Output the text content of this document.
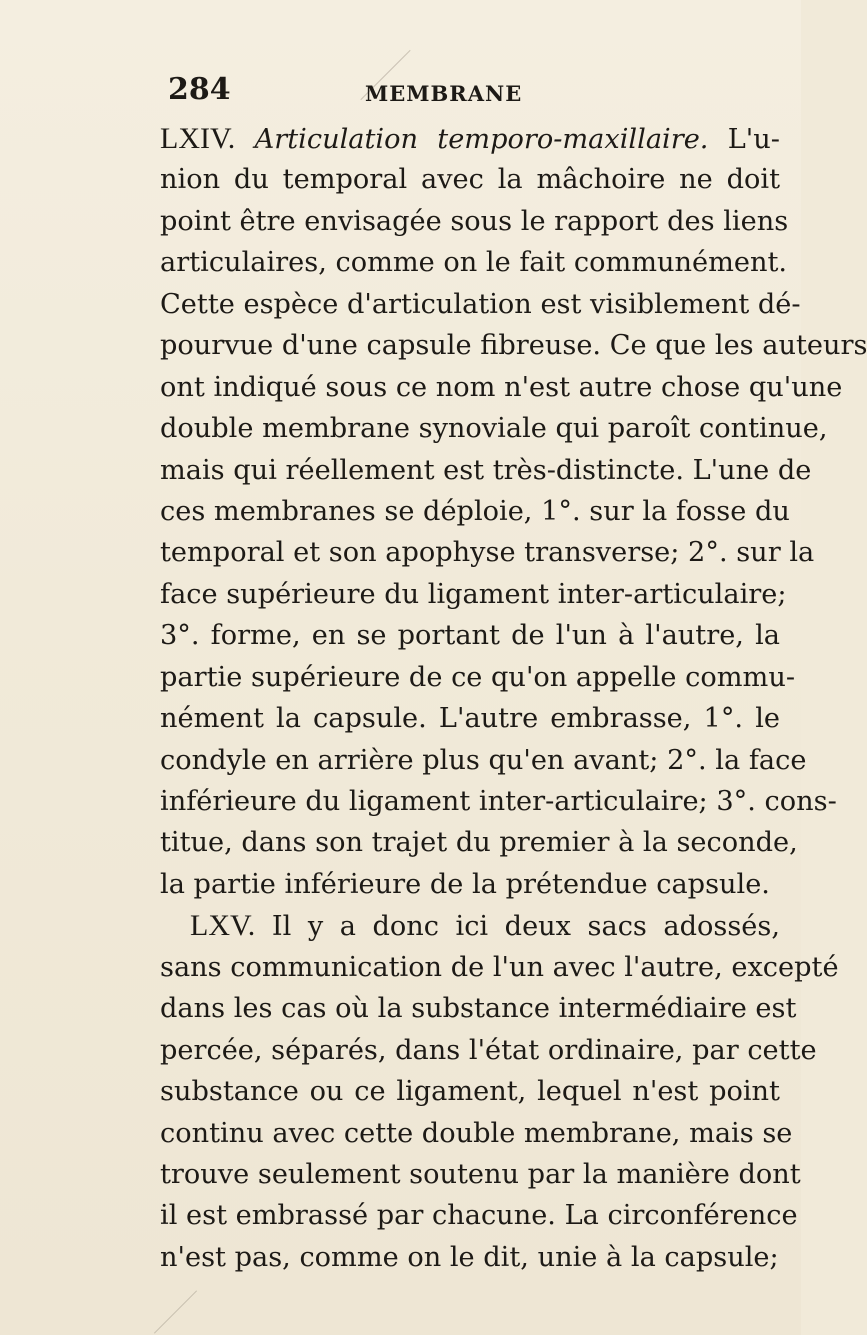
284	MEMBRANE
LXIV. Articulation temporo-maxillaire. L'u-
nion du temporal avec la mâchoire ne doit
point être envisagée sous le rapport des liens
articulaires, comme on le fait communément.
Cette espèce d'articulation est visiblement dé-
pourvue d'une capsule fibreuse. Ce que les auteurs
ont indiqué sous ce nom n'est autre chose qu'une
double membrane synoviale qui paroît continue,
mais qui réellement est très-distincte. L'une de
ces membranes se déploie, 1°. sur la fosse du
temporal et son apophyse transverse; 2°. sur la
face supérieure du ligament inter-articulaire;
3°. forme, en se portant de l'un à l'autre, la
partie supérieure de ce qu'on appelle commu-
nément la capsule. L'autre embrasse, 1°. le
condyle en arrière plus qu'en avant; 2°. la face
inférieure du ligament inter-articulaire; 3°. cons-
titue, dans son trajet du premier à la seconde,
la partie inférieure de la prétendue capsule.
LXV. Il y a donc ici deux sacs adossés,
sans communication de l'un avec l'autre, excepté
dans les cas où la substance intermédiaire est
percée, séparés, dans l'état ordinaire, par cette
substance ou ce ligament, lequel n'est point
continu avec cette double membrane, mais se
trouve seulement soutenu par la manière dont
il est embrassé par chacune. La circonférence
n'est pas, comme on le dit, unie à la capsule;
